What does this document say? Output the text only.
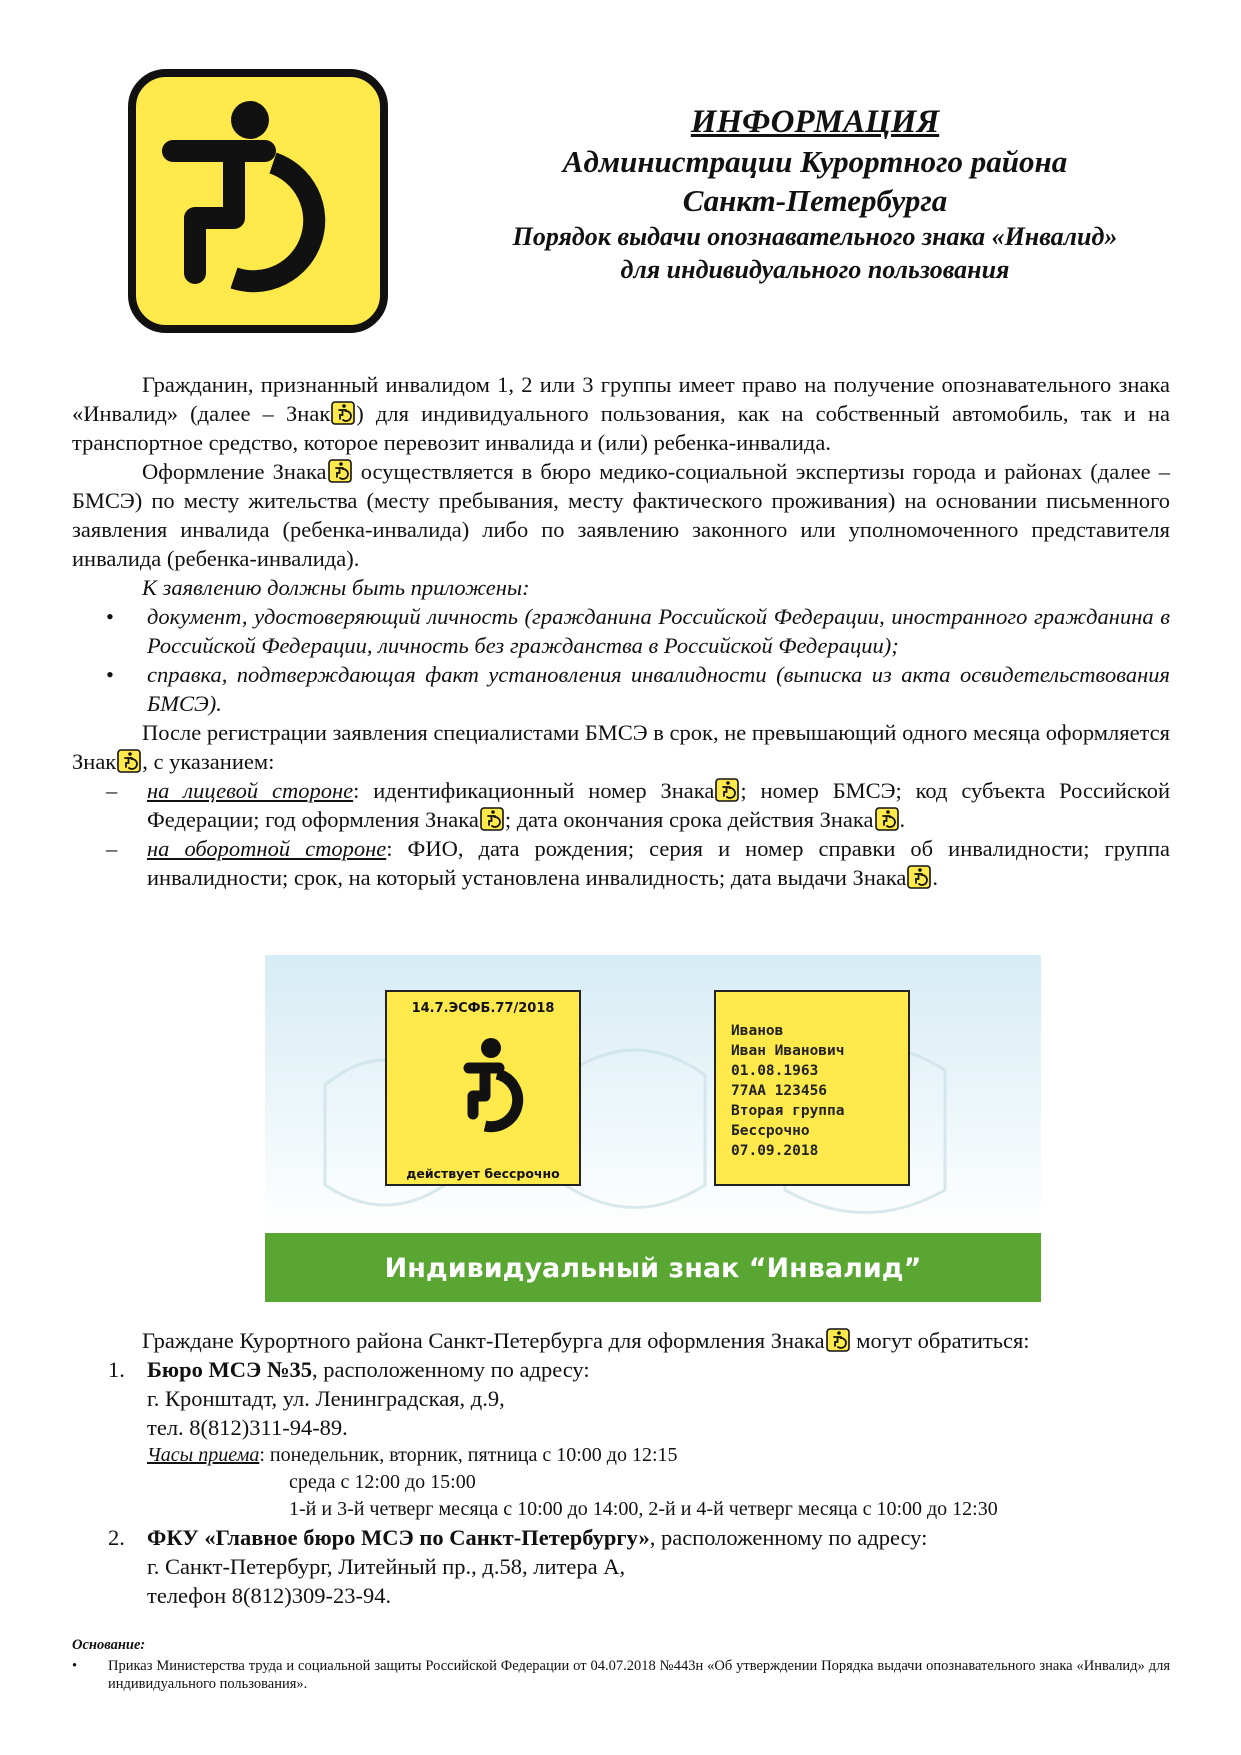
ИНФОРМАЦИЯ
Администрации Курортного района
Санкт-Петербурга
Порядок выдачи опознавательного знака «Инвалид»
для индивидуального пользования

Гражданин, признанный инвалидом 1, 2 или 3 группы имеет право на получение опознавательного знака «Инвалид» (далее – Знак ) для индивидуального пользования, как на собственный автомобиль, так и на транспортное средство, которое перевозит инвалида и (или) ребенка-инвалида.

Оформление Знака осуществляется в бюро медико-социальной экспертизы города и районах (далее – БМСЭ) по месту жительства (месту пребывания, месту фактического проживания) на основании письменного заявления инвалида (ребенка-инвалида) либо по заявлению законного или уполномоченного представителя инвалида (ребенка-инвалида).

К заявлению должны быть приложены:

• документ, удостоверяющий личность (гражданина Российской Федерации, иностранного гражданина в Российской Федерации, личность без гражданства в Российской Федерации);
• справка, подтверждающая факт установления инвалидности (выписка из акта освидетельствования БМСЭ).

После регистрации заявления специалистами БМСЭ в срок, не превышающий одного месяца оформляется Знак , с указанием:

– на лицевой стороне: идентификационный номер Знака ; номер БМСЭ; код субъекта Российской Федерации; год оформления Знака ; дата окончания срока действия Знака .
– на оборотной стороне: ФИО, дата рождения; серия и номер справки об инвалидности; группа инвалидности; срок, на который установлена инвалидность; дата выдачи Знака .
14.7.ЭСФБ.77/2018
действует бессрочно
Иванов Иван Иванович 01.08.1963 77АА 123456 Вторая группа Бессрочно 07.09.2018
Индивидуальный знак “Инвалид”

Граждане Курортного района Санкт-Петербурга для оформления Знака могут обратиться:

1. Бюро МСЭ №35, расположенному по адресу:
г. Кронштадт, ул. Ленинградская, д.9,
тел. 8(812)311-94-89.
Часы приема: понедельник, вторник, пятница с 10:00 до 12:15
среда с 12:00 до 15:00
1-й и 3-й четверг месяца с 10:00 до 14:00, 2-й и 4-й четверг месяца с 10:00 до 12:30
2. ФКУ «Главное бюро МСЭ по Санкт-Петербургу», расположенному по адресу:
г. Санкт-Петербург, Литейный пр., д.58, литера А,
телефон 8(812)309-23-94.
Основание:
• Приказ Министерства труда и социальной защиты Российской Федерации от 04.07.2018 №443н «Об утверждении Порядка выдачи опознавательного знака «Инвалид» для индивидуального пользования».
